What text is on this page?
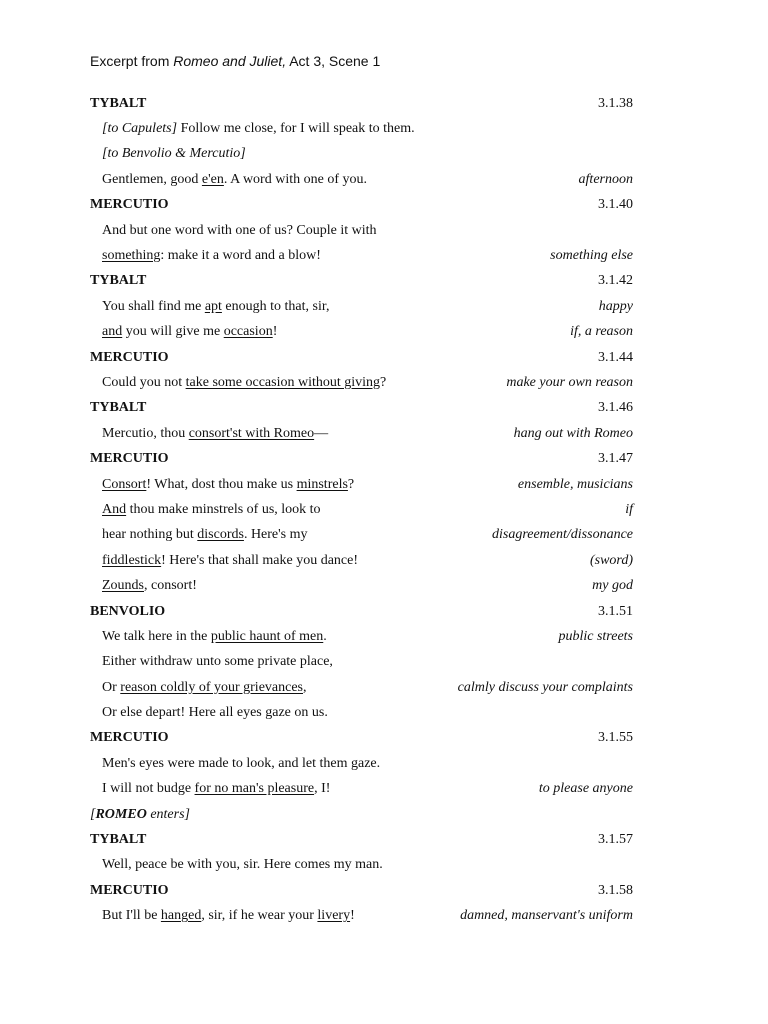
Excerpt from Romeo and Juliet, Act 3, Scene 1
TYBALT	3.1.38
[to Capulets] Follow me close, for I will speak to them.
[to Benvolio & Mercutio]
Gentlemen, good e'en. A word with one of you.	afternoon
MERCUTIO	3.1.40
And but one word with one of us? Couple it with
something: make it a word and a blow!	something else
TYBALT	3.1.42
You shall find me apt enough to that, sir,	happy
and you will give me occasion!	if, a reason
MERCUTIO	3.1.44
Could you not take some occasion without giving?	make your own reason
TYBALT	3.1.46
Mercutio, thou consort'st with Romeo—	hang out with Romeo
MERCUTIO	3.1.47
Consort! What, dost thou make us minstrels?	ensemble, musicians
And thou make minstrels of us, look to	if
hear nothing but discords. Here's my	disagreement/dissonance
fiddlestick! Here's that shall make you dance!	(sword)
Zounds, consort!	my god
BENVOLIO	3.1.51
We talk here in the public haunt of men.	public streets
Either withdraw unto some private place,
Or reason coldly of your grievances,	calmly discuss your complaints
Or else depart! Here all eyes gaze on us.
MERCUTIO	3.1.55
Men's eyes were made to look, and let them gaze.
I will not budge for no man's pleasure, I!	to please anyone
[ROMEO enters]
TYBALT	3.1.57
Well, peace be with you, sir. Here comes my man.
MERCUTIO	3.1.58
But I'll be hanged, sir, if he wear your livery!	damned, manservant's uniform
